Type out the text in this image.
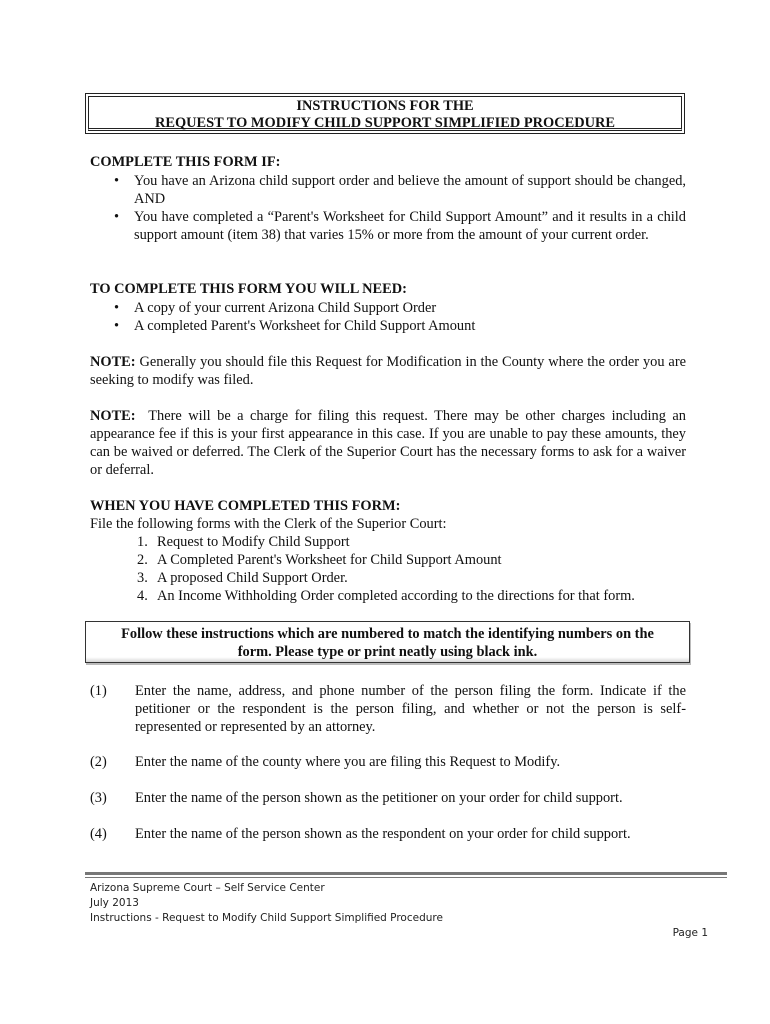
INSTRUCTIONS FOR THE
REQUEST TO MODIFY CHILD SUPPORT SIMPLIFIED PROCEDURE
COMPLETE THIS FORM IF:
• You have an Arizona child support order and believe the amount of support should be changed, AND
• You have completed a “Parent's Worksheet for Child Support Amount” and it results in a child support amount (item 38) that varies 15% or more from the amount of your current order.
TO COMPLETE THIS FORM YOU WILL NEED:
• A copy of your current Arizona Child Support Order
• A completed Parent's Worksheet for Child Support Amount
NOTE: Generally you should file this Request for Modification in the County where the order you are seeking to modify was filed.
NOTE: There will be a charge for filing this request. There may be other charges including an appearance fee if this is your first appearance in this case. If you are unable to pay these amounts, they can be waived or deferred. The Clerk of the Superior Court has the necessary forms to ask for a waiver or deferral.
WHEN YOU HAVE COMPLETED THIS FORM:
File the following forms with the Clerk of the Superior Court:
1. Request to Modify Child Support
2. A Completed Parent's Worksheet for Child Support Amount
3. A proposed Child Support Order.
4. An Income Withholding Order completed according to the directions for that form.
Follow these instructions which are numbered to match the identifying numbers on the
form. Please type or print neatly using black ink.
(1) Enter the name, address, and phone number of the person filing the form. Indicate if the petitioner or the respondent is the person filing, and whether or not the person is self-represented or represented by an attorney.
(2) Enter the name of the county where you are filing this Request to Modify.
(3) Enter the name of the person shown as the petitioner on your order for child support.
(4) Enter the name of the person shown as the respondent on your order for child support.
Arizona Supreme Court – Self Service Center
July 2013
Instructions - Request to Modify Child Support Simplified Procedure
Page 1
